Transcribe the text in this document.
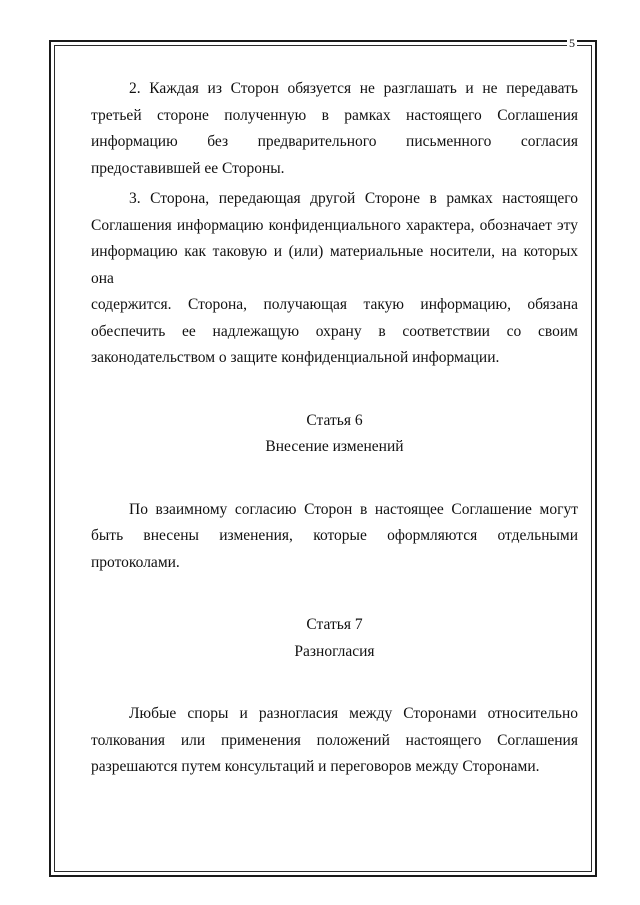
5

2. Каждая из Сторон обязуется не разглашать и не передавать
третьей стороне полученную в рамках настоящего Соглашения
информацию без предварительного письменного согласия
предоставившей ее Стороны.

3. Сторона, передающая другой Стороне в рамках настоящего
Соглашения информацию конфиденциального характера, обозначает эту
информацию как таковую и (или) материальные носители, на которых она
содержится. Сторона, получающая такую информацию, обязана
обеспечить ее надлежащую охрану в соответствии со своим
законодательством о защите конфиденциальной информации.

Статья 6

Внесение изменений

По взаимному согласию Сторон в настоящее Соглашение могут
быть внесены изменения, которые оформляются отдельными
протоколами.

Статья 7

Разногласия

Любые споры и разногласия между Сторонами относительно
толкования или применения положений настоящего Соглашения
разрешаются путем консультаций и переговоров между Сторонами.
